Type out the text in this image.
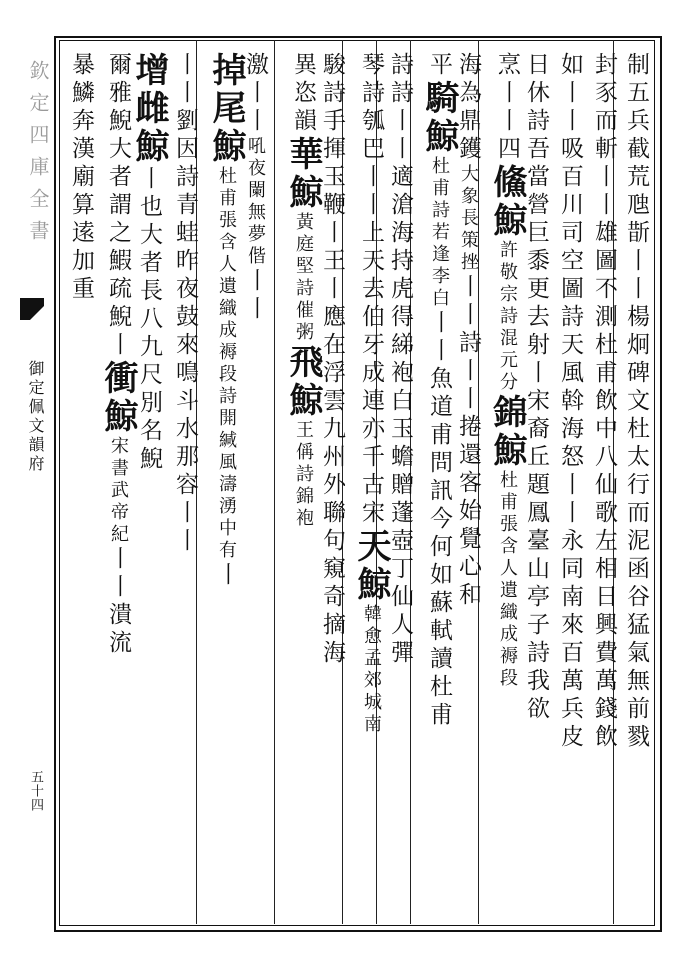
欽定四庫全書
御定佩文韻府
五十四
制五兵截荒虺斮丨丨楊炯碑文杜太行而泥函谷猛氣無前戮
封豕而斬丨丨雄圖不測杜甫飲中八仙歌左相日興費萬錢飲
如丨丨吸百川司空圖詩天風斡海怒丨丨永同南來百萬兵皮
日休詩吾當營巨黍更去射丨宋裔丘題鳳臺山亭子詩我欲
烹丨丨四鯈鯨許敬宗詩混元分錦鯨杜甫張含人遺織成褥段
海為鼎鑊大象長策挫丨丨詩丨丨捲還客始覺心和
平騎鯨杜甫詩若逢李白丨丨魚道甫問訊今何如蘇軾讀杜甫
詩詩丨丨適滄海持虎得綈袍白玉蟾贈蓬壺丁仙人彈
琴詩瓠巴丨丨上天去伯牙成連亦千古宋天鯨韓愈孟郊城南
駿詩手揮玉鞭丨王丨應在浮雲九州外聯句窺奇摘海
異恣韻華鯨黃庭堅詩催粥飛鯨王偁詩錦袍
激丨丨吼夜闌無夢偕丨丨
掉尾鯨杜甫張含人遺織成褥段詩開緘風濤湧中有丨
丨丨劉因詩青蛙昨夜鼓來鳴斗水那容丨丨
增雌鯨丨也大者長八九尺別名鯢
爾雅鯢大者謂之鰕疏鯢丨衝鯨宋書武帝紀丨丨潰流
暴鱗奔漢廟算逺加重
